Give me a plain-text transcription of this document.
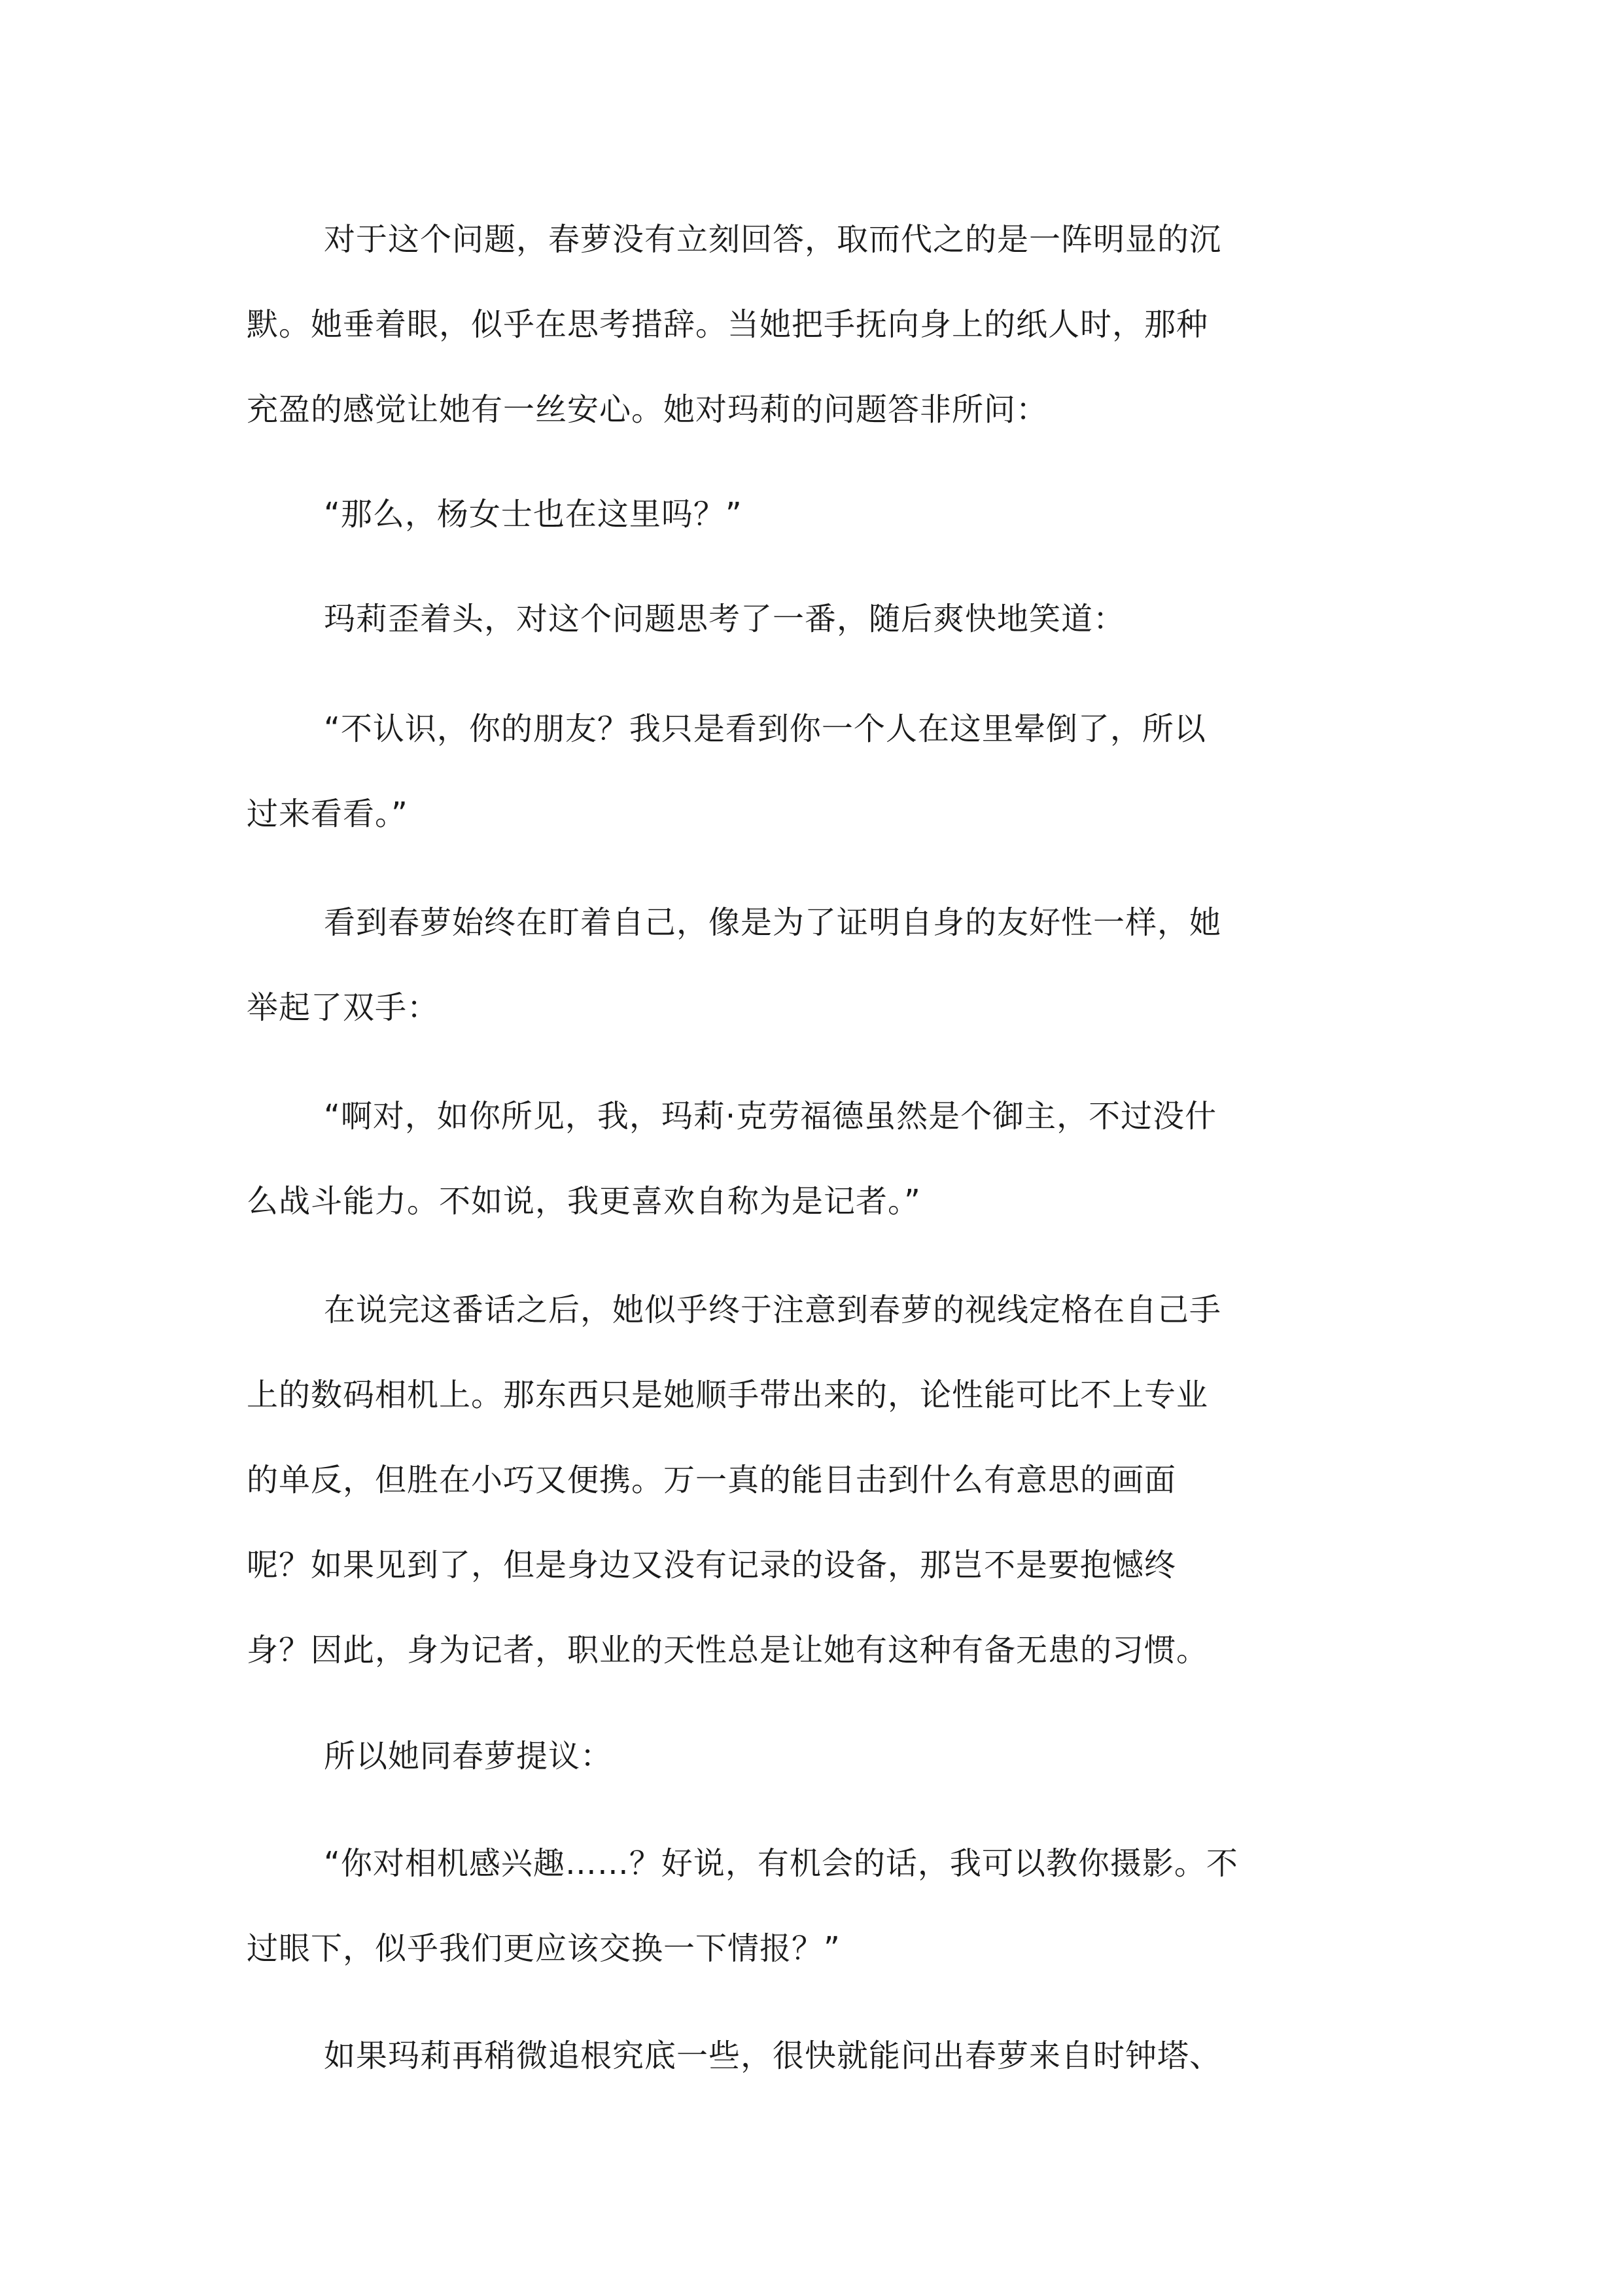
对于这个问题，春萝没有立刻回答，取而代之的是一阵明显的沉
默。她垂着眼，似乎在思考措辞。当她把手抚向身上的纸人时，那种
充盈的感觉让她有一丝安心。她对玛莉的问题答非所问：
“那么，杨女士也在这里吗？”
玛莉歪着头，对这个问题思考了一番，随后爽快地笑道：
“不认识，你的朋友？我只是看到你一个人在这里晕倒了，所以
过来看看。”
看到春萝始终在盯着自己，像是为了证明自身的友好性一样，她
举起了双手：
“啊对，如你所见，我，玛莉·克劳福德虽然是个御主，不过没什
么战斗能力。不如说，我更喜欢自称为是记者。”
在说完这番话之后，她似乎终于注意到春萝的视线定格在自己手
上的数码相机上。那东西只是她顺手带出来的，论性能可比不上专业
的单反，但胜在小巧又便携。万一真的能目击到什么有意思的画面
呢？如果见到了，但是身边又没有记录的设备，那岂不是要抱憾终
身？因此，身为记者，职业的天性总是让她有这种有备无患的习惯。
所以她同春萝提议：
“你对相机感兴趣……？好说，有机会的话，我可以教你摄影。不
过眼下，似乎我们更应该交换一下情报？”
如果玛莉再稍微追根究底一些，很快就能问出春萝来自时钟塔、
